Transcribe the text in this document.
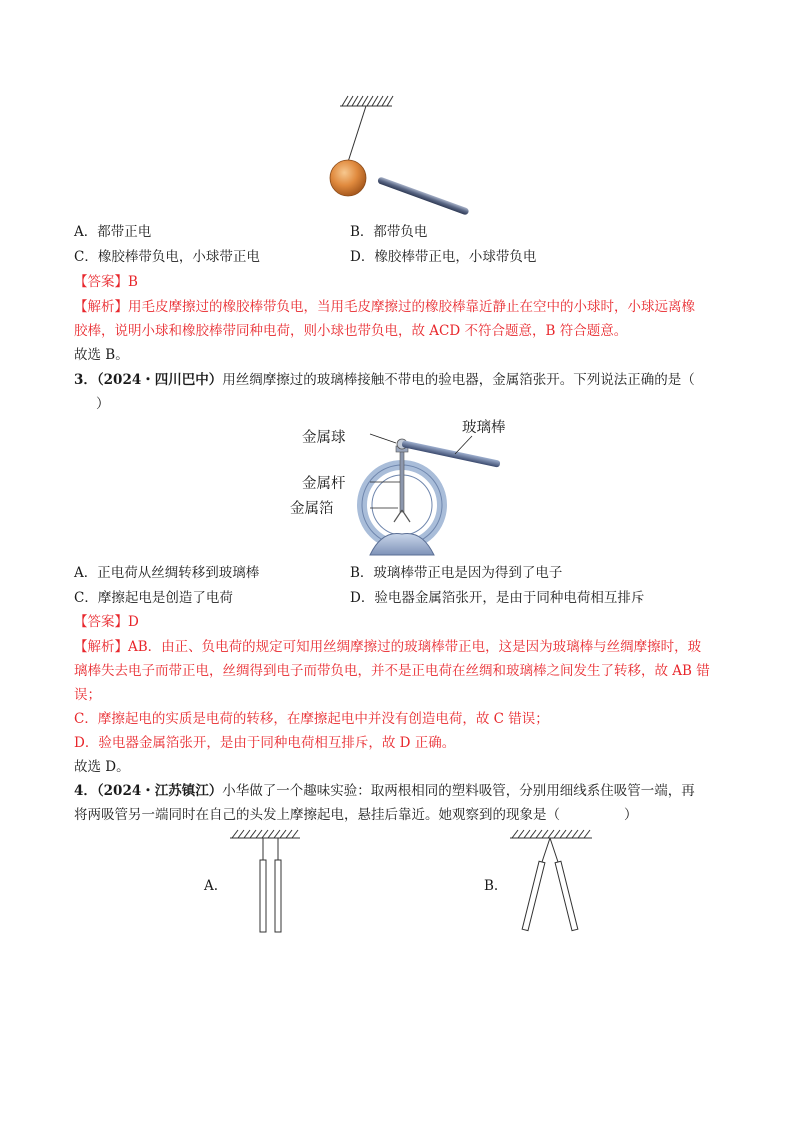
A．都带正电	B．都带负电
C．橡胶棒带负电，小球带正电	D．橡胶棒带正电，小球带负电
【答案】B
【解析】用毛皮摩擦过的橡胶棒带负电，当用毛皮摩擦过的橡胶棒靠近静止在空中的小球时，小球远离橡
胶棒，说明小球和橡胶棒带同种电荷，则小球也带负电，故 ACD 不符合题意，B 符合题意。
故选 B。
3．（2024・四川巴中）用丝绸摩擦过的玻璃棒接触不带电的验电器，金属箔张开。下列说法正确的是（
）
金属球
玻璃棒
金属杆
金属箔
A．正电荷从丝绸转移到玻璃棒	B．玻璃棒带正电是因为得到了电子
C．摩擦起电是创造了电荷	D．验电器金属箔张开，是由于同种电荷相互排斥
【答案】D
【解析】AB．由正、负电荷的规定可知用丝绸摩擦过的玻璃棒带正电，这是因为玻璃棒与丝绸摩擦时，玻
璃棒失去电子而带正电，丝绸得到电子而带负电，并不是正电荷在丝绸和玻璃棒之间发生了转移，故 AB 错
误；
C．摩擦起电的实质是电荷的转移，在摩擦起电中并没有创造电荷，故 C 错误；
D．验电器金属箔张开，是由于同种电荷相互排斥，故 D 正确。
故选 D。
4．（2024・江苏镇江）小华做了一个趣味实验：取两根相同的塑料吸管，分别用细线系住吸管一端，再
将两吸管另一端同时在自己的头发上摩擦起电，悬挂后靠近。她观察到的现象是（	）
A.	B.
